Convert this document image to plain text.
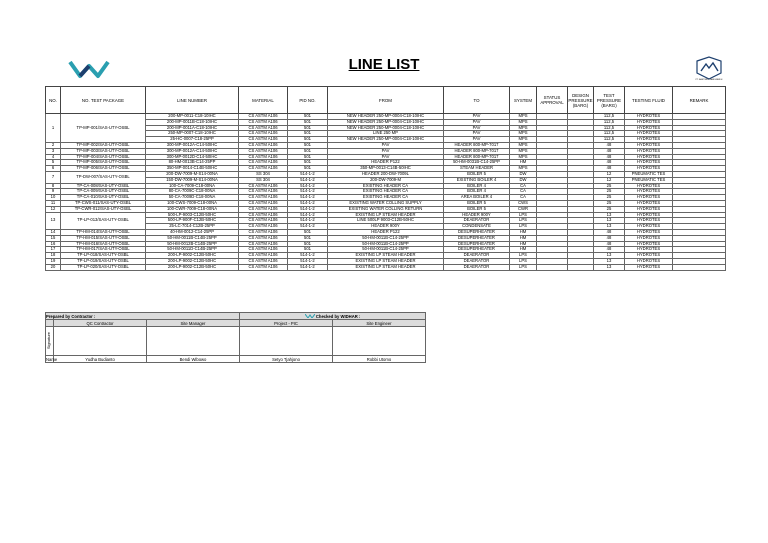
LINE LIST
PT. EASTINDO GAS ENERGI
NO.	NO. TEST PACKAGE	LINE NUMBER	MATERIAL	PID NO.	FROM	TO	SYSTEM	STATUS APPROVAL	DESIGN PRESSURE (BARG)	TEST PRESSURE (BARG)	TESTING FLUID	REMARK
1	TP-MP-001/SAS-UTY-OSBL	200-MP-0011-C18-10IHC	CS ASTM A106	501	NEW HEADER 250-MP-0004-C18-10IHC	PAV	MPS			112,5	HYDROTES	
		200-MP-0011B-C18-10IHC	CS ASTM A106	501	NEW HEADER 250-MP-0004-C18-10IHC	PAV	MPS			112,5	HYDROTES	
		200-MP-0011A-C18-10IHC	CS ASTM A106	501	NEW HEADER 250-MP-0004-C18-10IHC	PAV	MPS			112,5	HYDROTES	
		250-MP-0007-C18-10IHC	CS ASTM A106	501	LINE 250 MP	PAV	MPS			112,5	HYDROTES	
		25-HC-0007-C18-25PP	CS ASTM A106	501	NEW HEADER 250-MP-0004-C18-10IHC	PAV	MPS			112,5	HYDROTES	
2	TP-MP-002/SAS-UTY-OSBL	300-MP-0012A-C14-50IHC	CS ASTM A106	501	PAV	HEADER 800-MP-7017	MPS			48	HYDROTES	
3	TP-MP-003/SAS-UTY-OSBL	300-MP-0012A-C14-50IHC	CS ASTM A106	501	PAV	HEADER 800-MP-7017	MPS			48	HYDROTES	
4	TP-MP-004/SAS-UTY-OSBL	300-MP-0012D-C14-50IHC	CS ASTM A106	501	PAV	HEADER 800-MP-7017	MPS			48	HYDROTES	
5	TP-MP-005/SAS-UTY-OSBL	80-HM-0013B-C14-25PP	CS ASTM A106	501	HEADER P122	50-HM-0031B-C14-25PP	HM			48	HYDROTES	
6	TP-MP-006/SAS-UTY-OSBL	350-MP-0014-C14B-50IHC	CS ASTM A106	501	350-MP-0013-C14B-50IHC	STEAM HEADER	MPS			48	HYDROTES	
7	TP-DW-007/SAS-UTY-OSBL	200-DW-7009-M-S14-00NA	SS 304	514-1-2	HEADER 200-DW-7009L	BOILER 5	DW			12	PNEUMATIC TES	
		150-DW-7009-M-S14-00NA	SS 304	514-1-2	200-DW-7009-M	EXISTING BOILER 4	DW			12	PNEUMATIC TES	
8	TP-CA-008/SAS-UTY-OSBL	100-CA-7009-C18-00NA	CS ASTM A106	514-1-2	EXISTING HEADER CA	BOILER 4	CA			25	HYDROTES	
9	TP-CA-009/SAS-UTY-OSBL	80-CA-7009C-C18-00NA	CS ASTM A106	514-1-2	EXISTING HEADER CA	BOILER 4	CA			25	HYDROTES	
10	TP-CA-010/SAS-UTY-OSBL	50-CA-7009D-C18-00NA	CS ASTM A106	514-1-2	EXISTING HEADER CA	AREA BOILER 4	CA			25	HYDROTES	
11	TP-CWS-011/SAS-UTY-OSBL	100-CWS-7009-C18-00NA	CS ASTM A106	514-1-2	EXISTING WATER COLLING SUPPLY	BOILER 5	CWS			25	HYDROTES	
12	TP-CWR-012/SAS-UTY-OSBL	100-CWR-7009-C18-00NA	CS ASTM A106	514-1-2	EXISTING WATER COLLING RETURN	BOILER 5	CWR			25	HYDROTES	
13	TP-LP-013/SAS-UTY-OSBL	500-LP-9003-C12B-50HC	CS ASTM A106	514-1-2	EXISTING LP STEAM HEADER	HEADER 900Y	LPS			13	HYDROTES	
		500-LP-900F-C12B-50HC	CS ASTM A106	514-1-2	LINE 500LP 9003-C12B-50HC	DEAERATOR	LPS			13	HYDROTES	
		25-LC-7014-C12B-25PP	CS ASTM A106	514-1-2	HEADER 900Y	CONDENSATE	LPS			13	HYDROTES	
14	TP-HM-014/SAS-UTY-OSBL	40-HM-0012-C14-25PP	CS ASTM A106	501	HEADER P122	DESUPERHEATER	HM			48	HYDROTES	
15	TP-HM-015/SAS-UTY-OSBL	50-HM-0011B-C14B-25PP	CS ASTM A106	501	50-HM-0011B-C14-25PP	DESUPERHEATER	HM			48	HYDROTES	
16	TP-HM-016/SAS-UTY-OSBL	50-HM-0012B-C14B-25PP	CS ASTM A106	501	50-HM-0011B-C14-25PP	DESUPERHEATER	HM			48	HYDROTES	
17	TP-HM-017/SAS-UTY-OSBL	50-HM-0011D-C14B-25PP	CS ASTM A106	501	50-HM-0011B-C14-25PP	DESUPERHEATER	HM			48	HYDROTES	
18	TP-LP-018/SAS-UTY-OSBL	200-LP-9002-C12B-50HC	CS ASTM A106	514-1-2	EXISTING LP STEAM HEADER	DEAERATOR	LPS			13	HYDROTES	
19	TP-LP-019/SAS-UTY-OSBL	200-LP-9002-C12B-50HC	CS ASTM A106	514-1-2	EXISTING LP STEAM HEADER	DEAERATOR	LPS			13	HYDROTES	
20	TP-LP-020/SAS-UTY-OSBL	200-LP-9002-C12B-50HC	CS ASTM A106	514-1-2	EXISTING LP STEAM HEADER	DEAERATOR	LPS			13	HYDROTES	
Prepared by Contractor :			Checked by WIDHAR :	
	QC Contractor	Site Manager	Project - PIC	Site Engineer

Signature				

Name	Yudha Budianto	Bendi Wibowo	Setyo Tjahjono	Robbi Utomo
